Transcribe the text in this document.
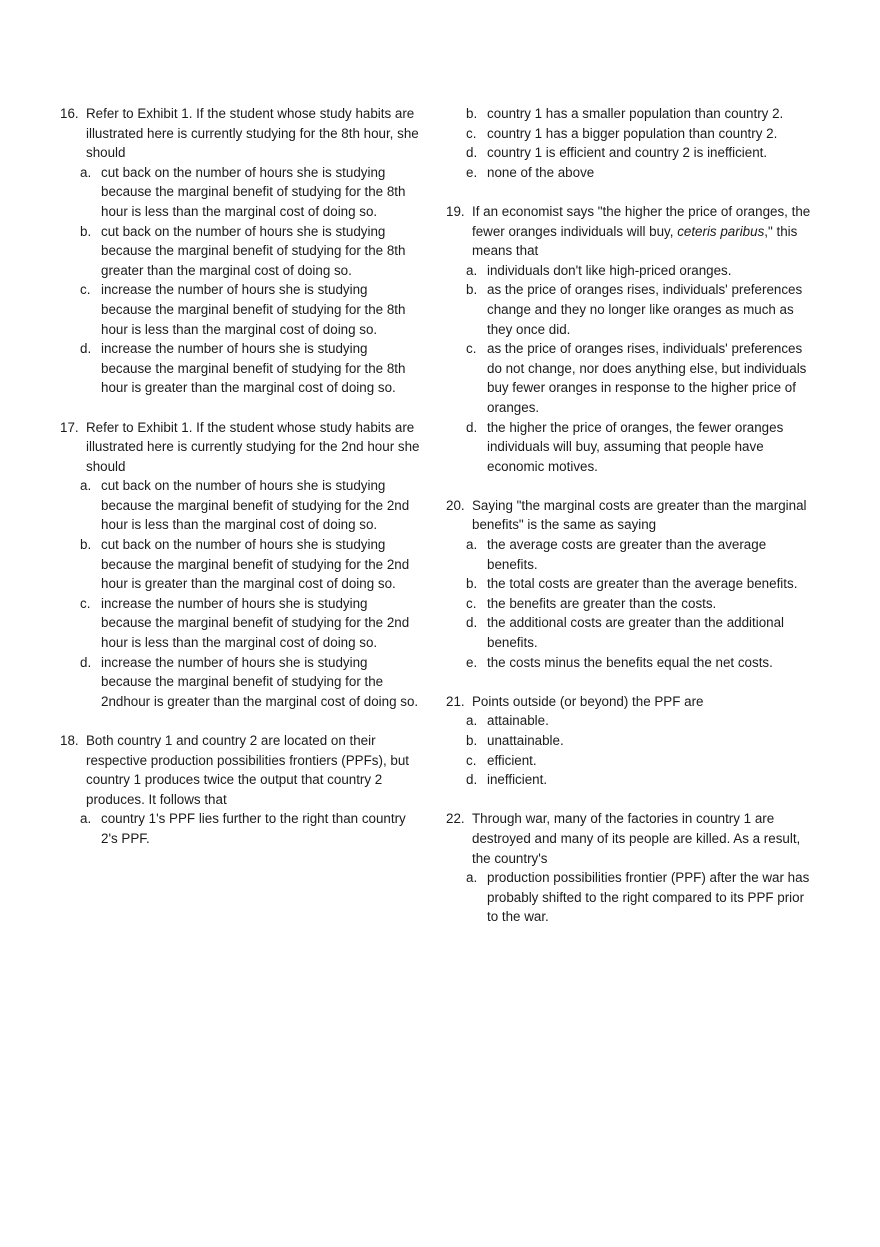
16. Refer to Exhibit 1. If the student whose study habits are illustrated here is currently studying for the 8th hour, she should
a. cut back on the number of hours she is studying because the marginal benefit of studying for the 8th hour is less than the marginal cost of doing so.
b. cut back on the number of hours she is studying because the marginal benefit of studying for the 8th greater than the marginal cost of doing so.
c. increase the number of hours she is studying because the marginal benefit of studying for the 8th hour is less than the marginal cost of doing so.
d. increase the number of hours she is studying because the marginal benefit of studying for the 8th hour is greater than the marginal cost of doing so.
17. Refer to Exhibit 1. If the student whose study habits are illustrated here is currently studying for the 2nd hour she should
a. cut back on the number of hours she is studying because the marginal benefit of studying for the 2nd hour is less than the marginal cost of doing so.
b. cut back on the number of hours she is studying because the marginal benefit of studying for the 2nd hour is greater than the marginal cost of doing so.
c. increase the number of hours she is studying because the marginal benefit of studying for the 2nd hour is less than the marginal cost of doing so.
d. increase the number of hours she is studying because the marginal benefit of studying for the 2ndhour is greater than the marginal cost of doing so.
18. Both country 1 and country 2 are located on their respective production possibilities frontiers (PPFs), but country 1 produces twice the output that country 2 produces. It follows that
a. country 1's PPF lies further to the right than country 2's PPF.
b. country 1 has a smaller population than country 2.
c. country 1 has a bigger population than country 2.
d. country 1 is efficient and country 2 is inefficient.
e. none of the above
19. If an economist says "the higher the price of oranges, the fewer oranges individuals will buy, ceteris paribus," this means that
a. individuals don't like high-priced oranges.
b. as the price of oranges rises, individuals' preferences change and they no longer like oranges as much as they once did.
c. as the price of oranges rises, individuals' preferences do not change, nor does anything else, but individuals buy fewer oranges in response to the higher price of oranges.
d. the higher the price of oranges, the fewer oranges individuals will buy, assuming that people have economic motives.
20. Saying "the marginal costs are greater than the marginal benefits" is the same as saying
a. the average costs are greater than the average benefits.
b. the total costs are greater than the average benefits.
c. the benefits are greater than the costs.
d. the additional costs are greater than the additional benefits.
e. the costs minus the benefits equal the net costs.
21. Points outside (or beyond) the PPF are
a. attainable.
b. unattainable.
c. efficient.
d. inefficient.
22. Through war, many of the factories in country 1 are destroyed and many of its people are killed. As a result, the country's
a. production possibilities frontier (PPF) after the war has probably shifted to the right compared to its PPF prior to the war.
